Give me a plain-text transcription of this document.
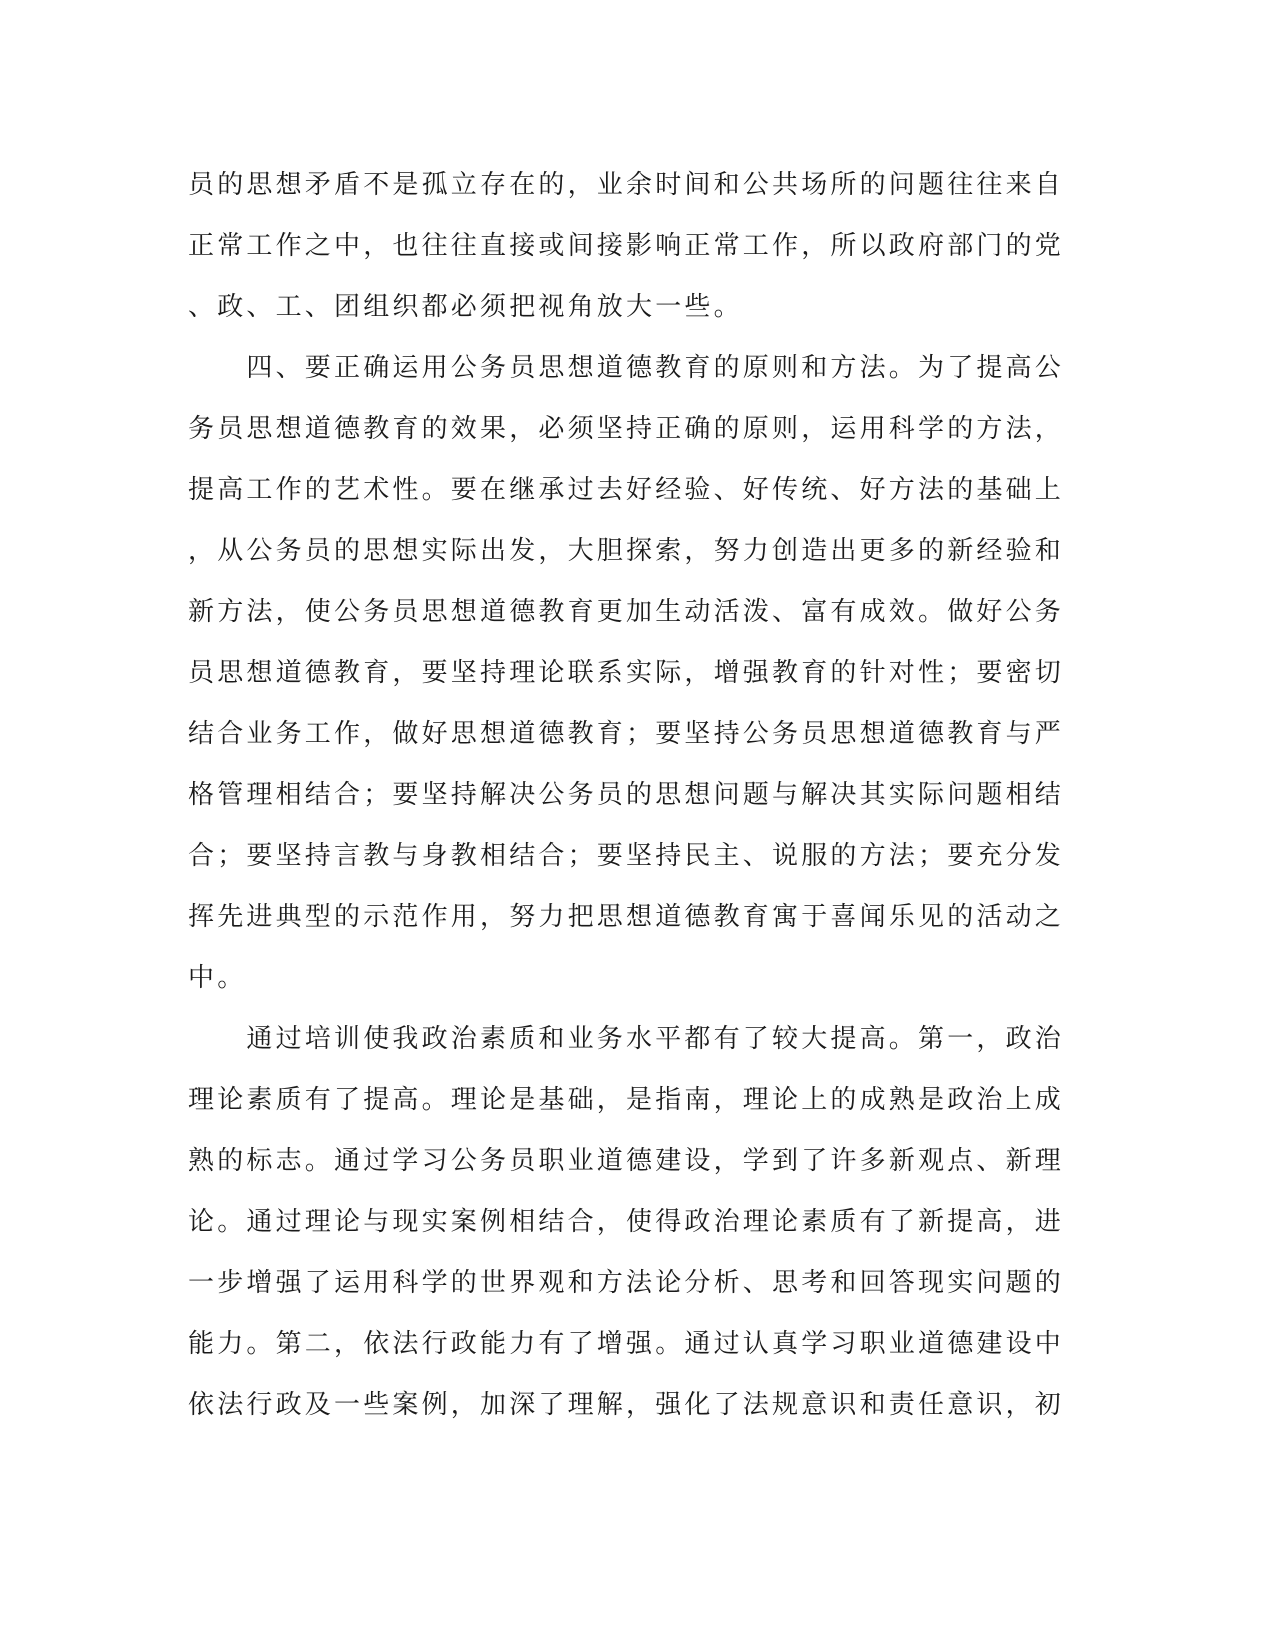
员的思想矛盾不是孤立存在的，业余时间和公共场所的问题往往来自
正常工作之中，也往往直接或间接影响正常工作，所以政府部门的党
、政、工、团组织都必须把视角放大一些。
　　四、要正确运用公务员思想道德教育的原则和方法。为了提高公
务员思想道德教育的效果，必须坚持正确的原则，运用科学的方法，
提高工作的艺术性。要在继承过去好经验、好传统、好方法的基础上
，从公务员的思想实际出发，大胆探索，努力创造出更多的新经验和
新方法，使公务员思想道德教育更加生动活泼、富有成效。做好公务
员思想道德教育，要坚持理论联系实际，增强教育的针对性；要密切
结合业务工作，做好思想道德教育；要坚持公务员思想道德教育与严
格管理相结合；要坚持解决公务员的思想问题与解决其实际问题相结
合；要坚持言教与身教相结合；要坚持民主、说服的方法；要充分发
挥先进典型的示范作用，努力把思想道德教育寓于喜闻乐见的活动之
中。
　　通过培训使我政治素质和业务水平都有了较大提高。第一，政治
理论素质有了提高。理论是基础，是指南，理论上的成熟是政治上成
熟的标志。通过学习公务员职业道德建设，学到了许多新观点、新理
论。通过理论与现实案例相结合，使得政治理论素质有了新提高，进
一步增强了运用科学的世界观和方法论分析、思考和回答现实问题的
能力。第二，依法行政能力有了增强。通过认真学习职业道德建设中
依法行政及一些案例，加深了理解，强化了法规意识和责任意识，初
